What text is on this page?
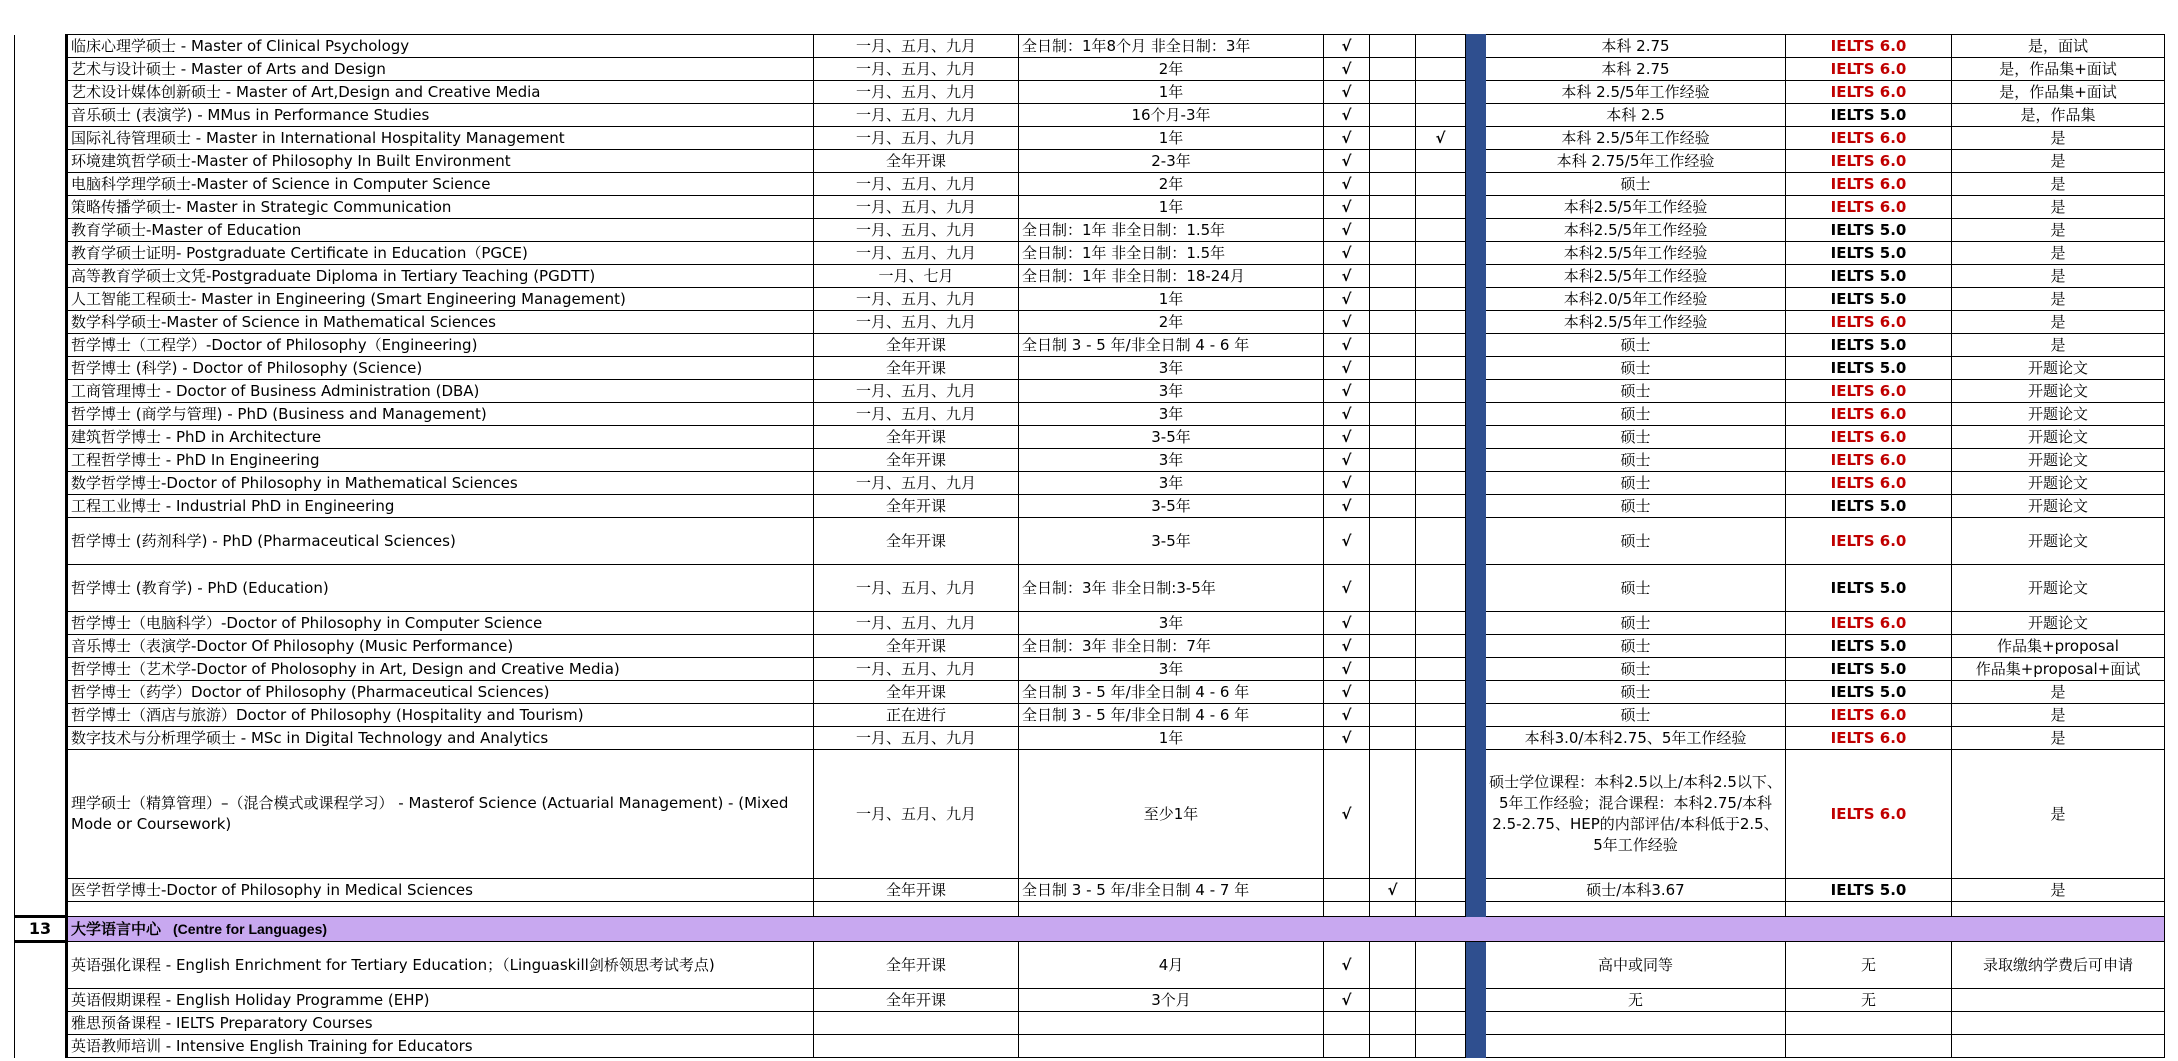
	临床心理学硕士 - Master of Clinical Psychology	一月、五月、九月	全日制：1年8个月 非全日制：3年	√				本科 2.75	IELTS 6.0	是，面试
	艺术与设计硕士 - Master of Arts and Design	一月、五月、九月	2年	√				本科 2.75	IELTS 6.0	是，作品集+面试
	艺术设计媒体创新硕士 - Master of Art,Design and Creative Media	一月、五月、九月	1年	√				本科 2.5/5年工作经验	IELTS 6.0	是，作品集+面试
	音乐硕士 (表演学) - MMus in Performance Studies	一月、五月、九月	16个月-3年	√				本科 2.5	IELTS 5.0	是，作品集
	国际礼待管理硕士 - Master in International Hospitality Management	一月、五月、九月	1年	√		√		本科 2.5/5年工作经验	IELTS 6.0	是
	环境建筑哲学硕士-Master of Philosophy In Built Environment	全年开课	2-3年	√				本科 2.75/5年工作经验	IELTS 6.0	是
	电脑科学理学硕士-Master of Science in Computer Science	一月、五月、九月	2年	√				硕士	IELTS 6.0	是
	策略传播学硕士- Master in Strategic Communication	一月、五月、九月	1年	√				本科2.5/5年工作经验	IELTS 6.0	是
	教育学硕士-Master of Education	一月、五月、九月	全日制：1年 非全日制：1.5年	√				本科2.5/5年工作经验	IELTS 5.0	是
	教育学硕士证明- Postgraduate Certificate in Education（PGCE)	一月、五月、九月	全日制：1年 非全日制：1.5年	√				本科2.5/5年工作经验	IELTS 5.0	是
	高等教育学硕士文凭-Postgraduate Diploma in Tertiary Teaching (PGDTT)	一月、七月	全日制：1年 非全日制：18-24月	√				本科2.5/5年工作经验	IELTS 5.0	是
	人工智能工程硕士- Master in Engineering (Smart Engineering Management)	一月、五月、九月	1年	√				本科2.0/5年工作经验	IELTS 5.0	是
	数学科学硕士-Master of Science in Mathematical Sciences	一月、五月、九月	2年	√				本科2.5/5年工作经验	IELTS 6.0	是
	哲学博士（工程学）-Doctor of Philosophy（Engineering)	全年开课	全日制 3 - 5 年/非全日制 4 - 6 年	√				硕士	IELTS 5.0	是
	哲学博士 (科学) - Doctor of Philosophy (Science)	全年开课	3年	√				硕士	IELTS 5.0	开题论文
	工商管理博士 - Doctor of Business Administration (DBA)	一月、五月、九月	3年	√				硕士	IELTS 6.0	开题论文
	哲学博士 (商学与管理) - PhD (Business and Management)	一月、五月、九月	3年	√				硕士	IELTS 6.0	开题论文
	建筑哲学博士 - PhD in Architecture	全年开课	3-5年	√				硕士	IELTS 6.0	开题论文
	工程哲学博士 - PhD In Engineering	全年开课	3年	√				硕士	IELTS 6.0	开题论文
	数学哲学博士-Doctor of Philosophy in Mathematical Sciences	一月、五月、九月	3年	√				硕士	IELTS 6.0	开题论文
	工程工业博士 - Industrial PhD in Engineering	全年开课	3-5年	√				硕士	IELTS 5.0	开题论文
	哲学博士 (药剂科学) - PhD (Pharmaceutical Sciences)	全年开课	3-5年	√				硕士	IELTS 6.0	开题论文
	哲学博士 (教育学) - PhD (Education)	一月、五月、九月	全日制：3年 非全日制:3-5年	√				硕士	IELTS 5.0	开题论文
	哲学博士（电脑科学）-Doctor of Philosophy in Computer Science	一月、五月、九月	3年	√				硕士	IELTS 6.0	开题论文
	音乐博士（表演学-Doctor Of Philosophy (Music Performance)	全年开课	全日制：3年 非全日制：7年	√				硕士	IELTS 5.0	作品集+proposal
	哲学博士（艺术学-Doctor of Pholosophy in Art, Design and Creative Media)	一月、五月、九月	3年	√				硕士	IELTS 5.0	作品集+proposal+面试
	哲学博士（药学）Doctor of Philosophy (Pharmaceutical Sciences)	全年开课	全日制 3 - 5 年/非全日制 4 - 6 年	√				硕士	IELTS 5.0	是
	哲学博士（酒店与旅游）Doctor of Philosophy (Hospitality and Tourism)	正在进行	全日制 3 - 5 年/非全日制 4 - 6 年	√				硕士	IELTS 6.0	是
	数字技术与分析理学硕士 - MSc in Digital Technology and Analytics	一月、五月、九月	1年	√				本科3.0/本科2.75、5年工作经验	IELTS 6.0	是
	理学硕士（精算管理）–（混合模式或课程学习） - Masterof Science (Actuarial Management) - (Mixed Mode or Coursework)	一月、五月、九月	至少1年	√				硕士学位课程：本科2.5以上/本科2.5以下、5年工作经验；混合课程：本科2.75/本科2.5-2.75、HEP的内部评估/本科低于2.5、5年工作经验	IELTS 6.0	是
	医学哲学博士-Doctor of Philosophy in Medical Sciences	全年开课	全日制 3 - 5 年/非全日制 4 - 7 年		√			硕士/本科3.67	IELTS 5.0	是

13	大学语言中心 (Centre for Languages)									
	英语强化课程 - English Enrichment for Tertiary Education；（Linguaskill剑桥领思考试考点)	全年开课	4月	√				高中或同等	无	录取缴纳学费后可申请
	英语假期课程 - English Holiday Programme (EHP)	全年开课	3个月	√				无	无	
	雅思预备课程 - IELTS Preparatory Courses									
	英语教师培训 - Intensive English Training for Educators									
